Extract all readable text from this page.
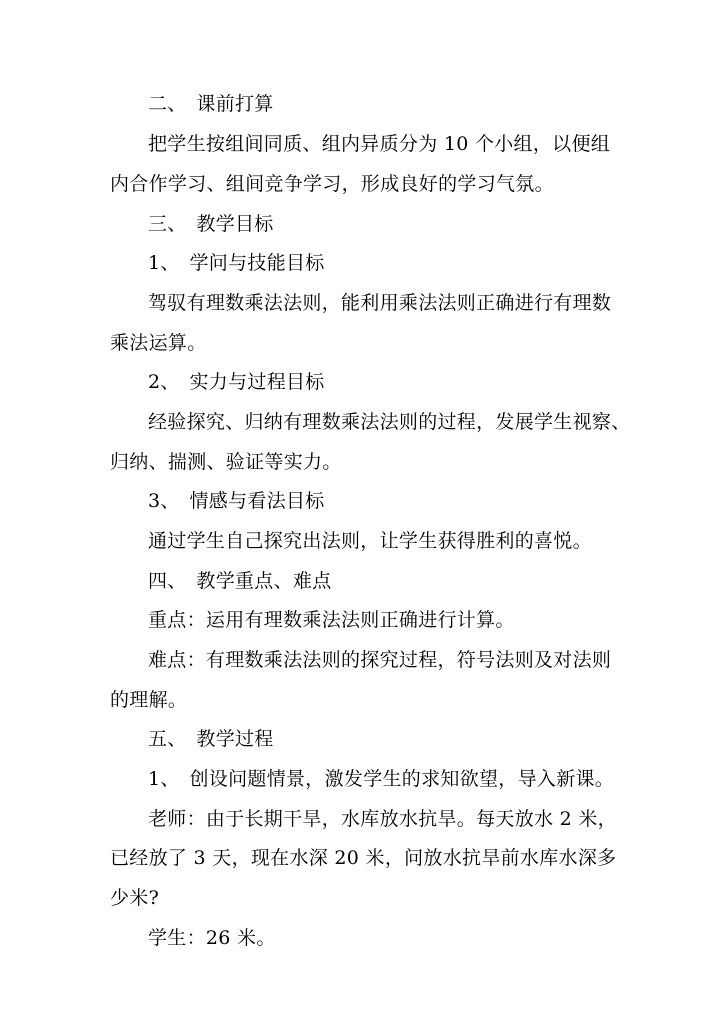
二、　课前打算
把学生按组间同质、组内异质分为 10 个小组，以便组
内合作学习、组间竞争学习，形成良好的学习气氛。
三、　教学目标
1、　学问与技能目标
驾驭有理数乘法法则，能利用乘法法则正确进行有理数
乘法运算。
2、　实力与过程目标
经验探究、归纳有理数乘法法则的过程，发展学生视察、
归纳、揣测、验证等实力。
3、　情感与看法目标
通过学生自己探究出法则，让学生获得胜利的喜悦。
四、　教学重点、难点
重点：运用有理数乘法法则正确进行计算。
难点：有理数乘法法则的探究过程，符号法则及对法则
的理解。
五、　教学过程
1、　创设问题情景，激发学生的求知欲望，导入新课。
老师：由于长期干旱，水库放水抗旱。每天放水 2 米，
已经放了 3 天，现在水深 20 米，问放水抗旱前水库水深多
少米?
学生：26 米。
